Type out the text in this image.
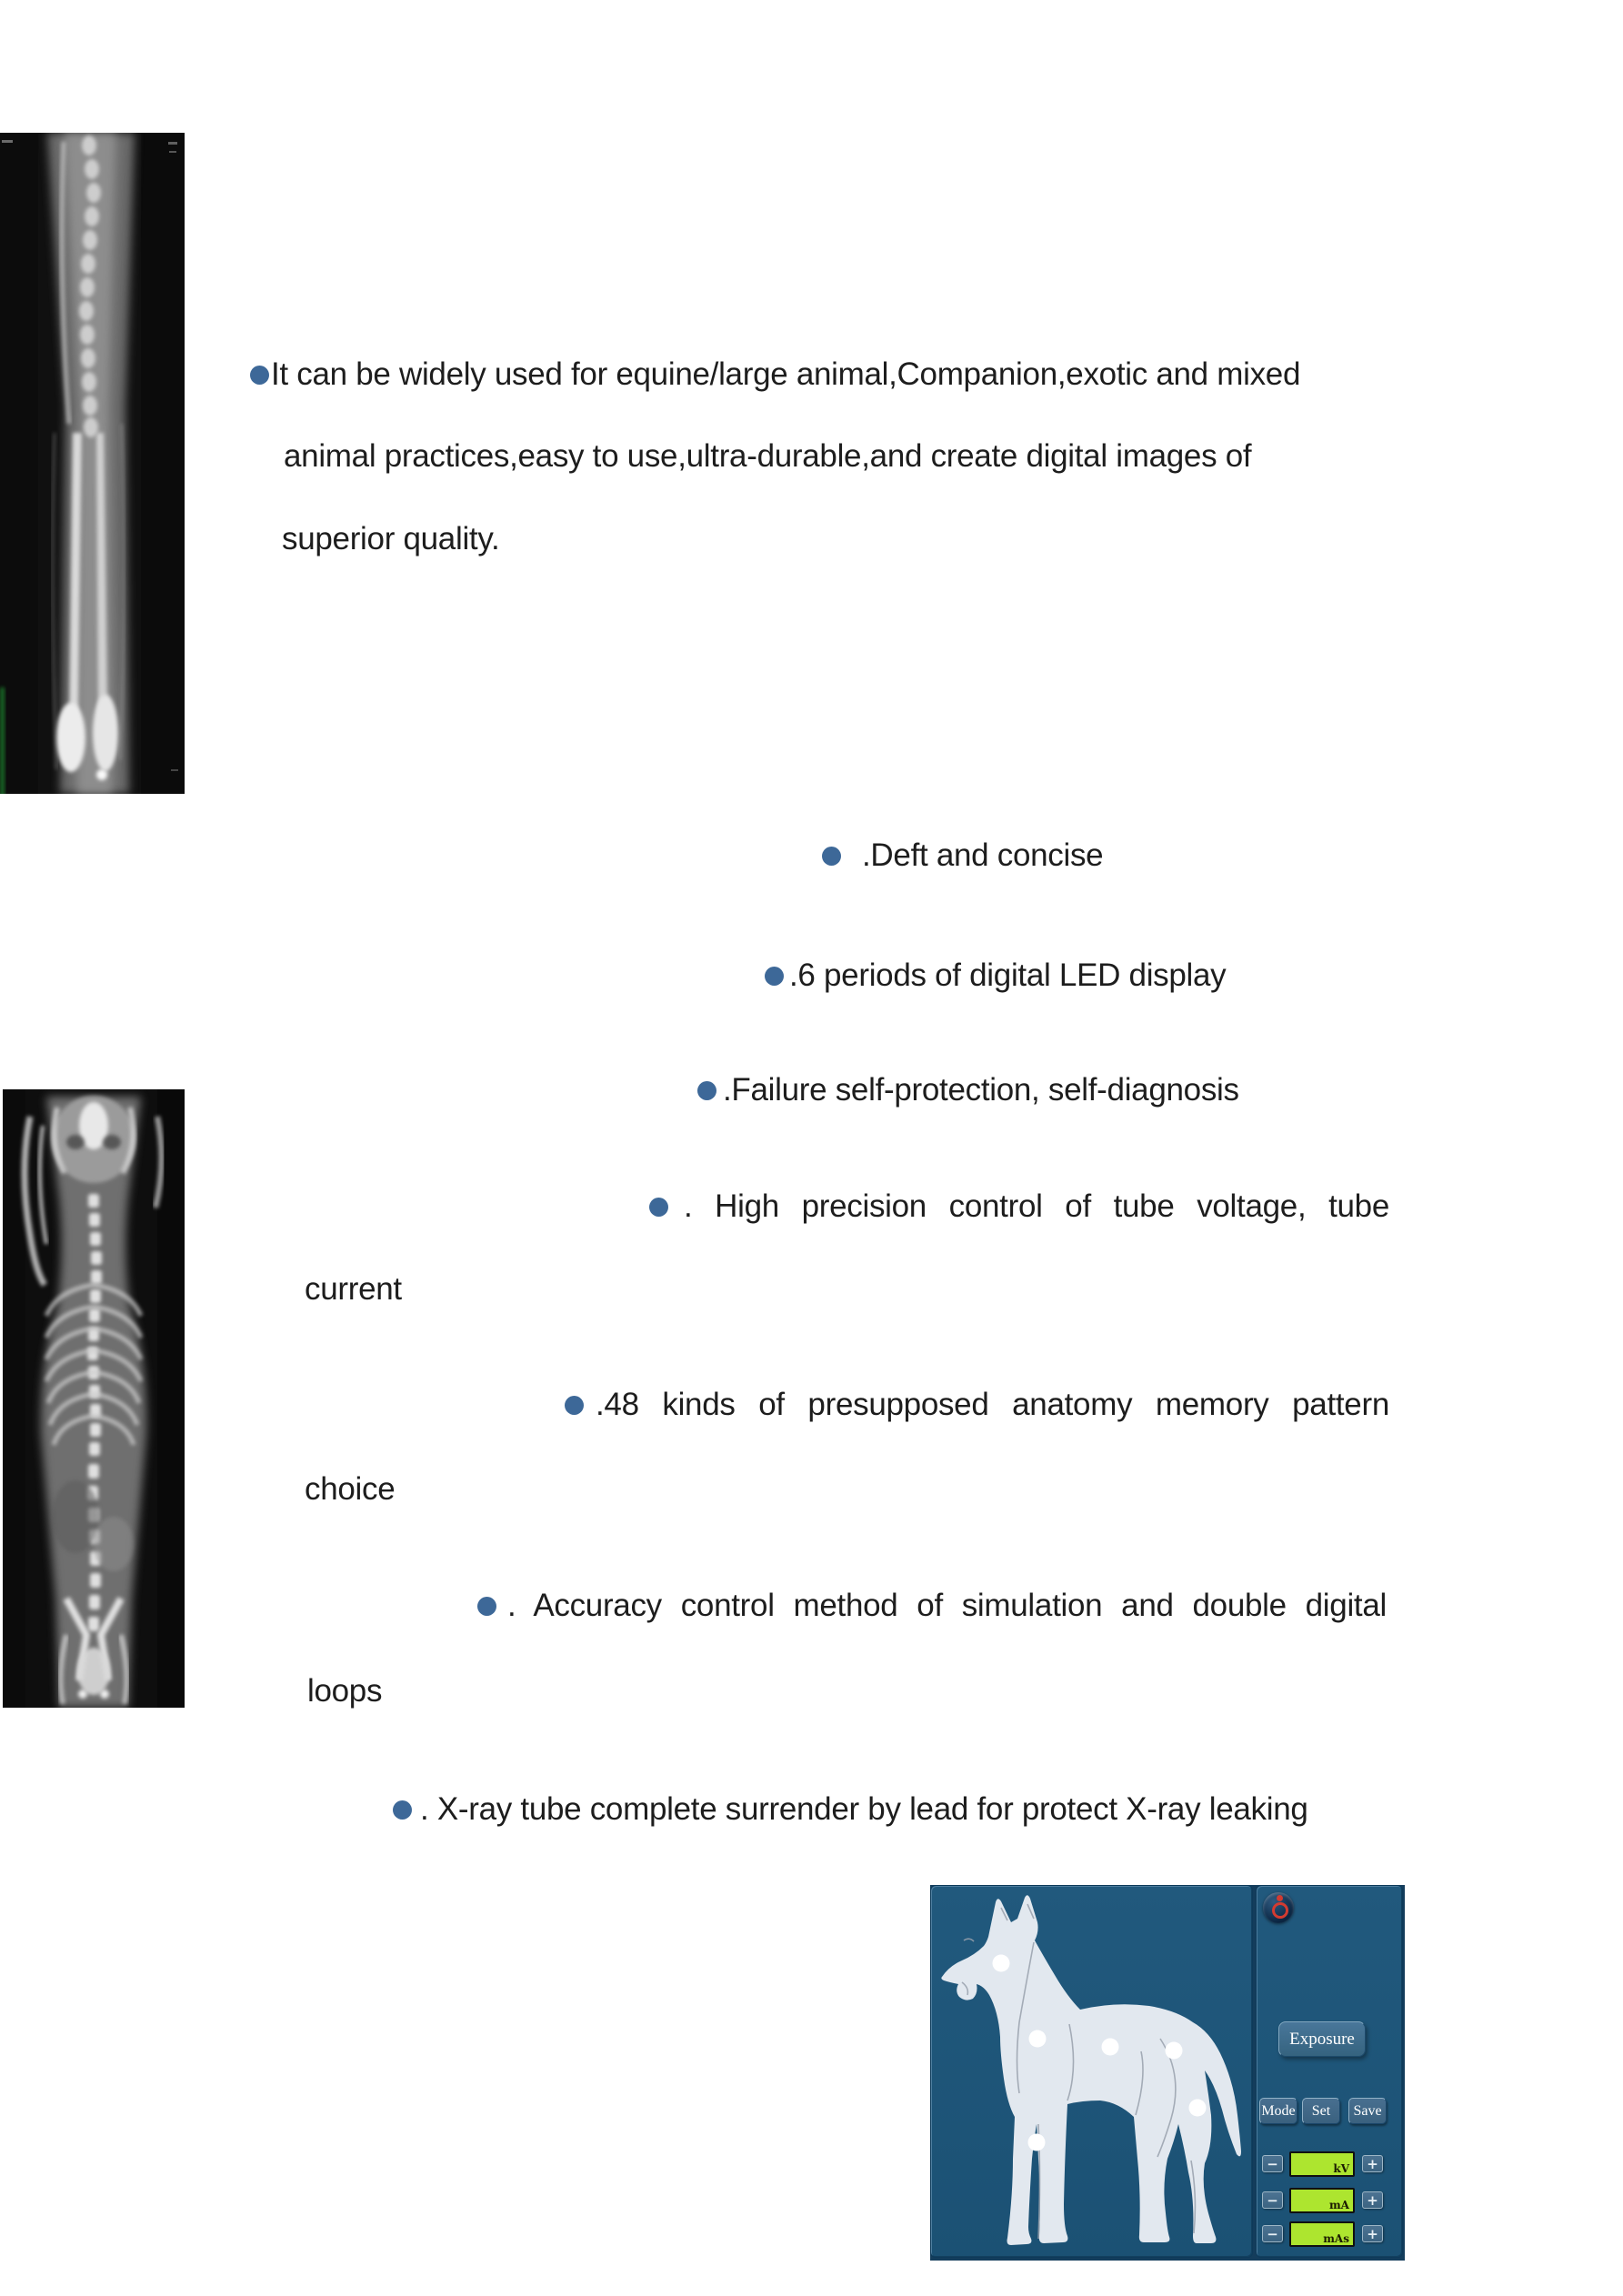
It can be widely used for equine/large animal,Companion,exotic and mixed
animal practices,easy to use,ultra-durable,and create digital images of
superior quality.
.Deft and concise
.6 periods of digital LED display
.Failure self-protection, self-diagnosis
. High precision control of tube voltage, tube
current
.48 kinds of presupposed anatomy memory pattern
choice
. Accuracy control method of simulation and double digital
loops
. X-ray tube complete surrender by lead for protect X-ray leaking
Exposure
Mode	Set	Save
−	kV	+
−	mA	+
−	mAs	+
